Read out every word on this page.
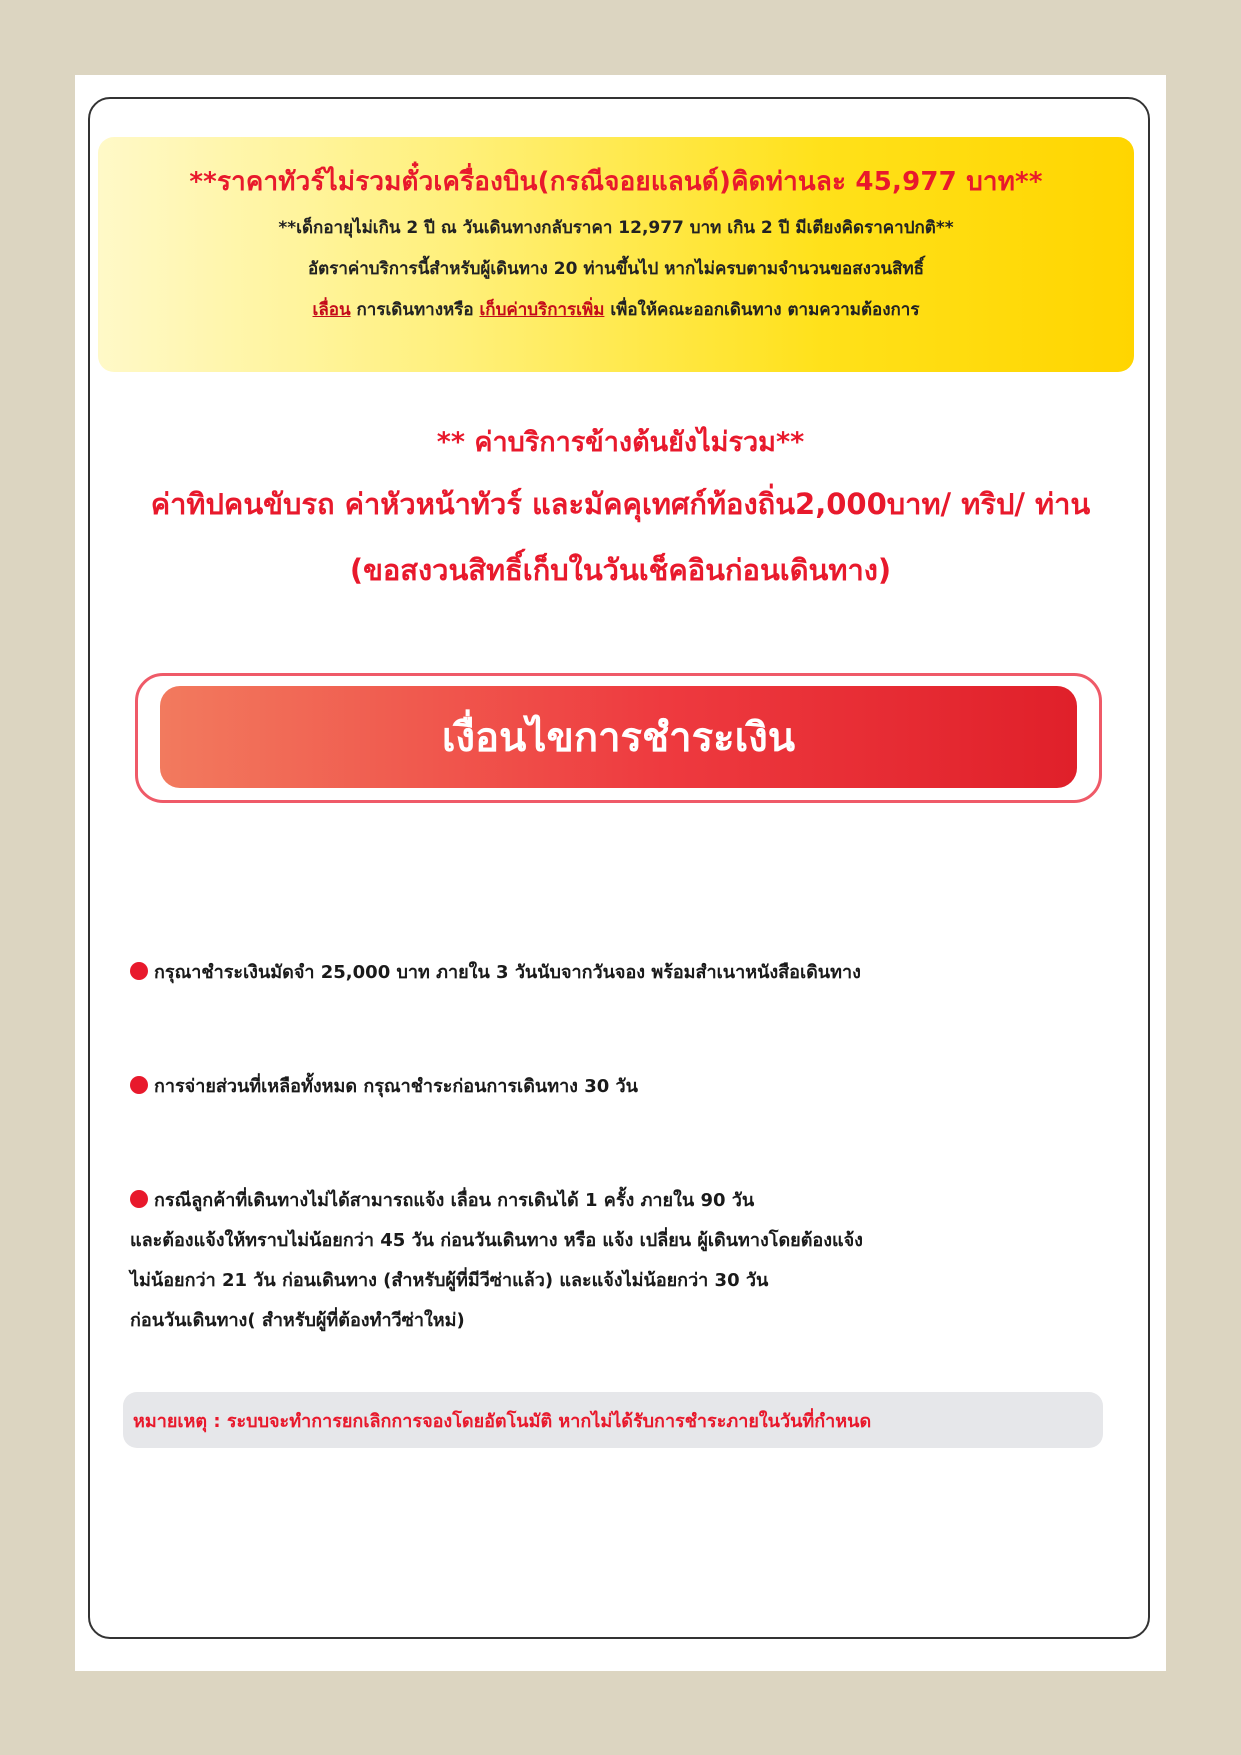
**ราคาทัวร์ไม่รวมตั๋วเครื่องบิน(กรณีจอยแลนด์)คิดท่านละ 45,977 บาท**

**เด็กอายุไม่เกิน 2 ปี ณ วันเดินทางกลับราคา 12,977 บาท เกิน 2 ปี มีเตียงคิดราคาปกติ**

อัตราค่าบริการนี้สำหรับผู้เดินทาง 20 ท่านขึ้นไป หากไม่ครบตามจำนวนขอสงวนสิทธิ์

เลื่อน การเดินทางหรือ เก็บค่าบริการเพิ่ม เพื่อให้คณะออกเดินทาง ตามความต้องการ

** ค่าบริการข้างต้นยังไม่รวม**
ค่าทิปคนขับรถ ค่าหัวหน้าทัวร์ และมัคคุเทศก์ท้องถิ่น2,000บาท/ ทริป/ ท่าน
(ขอสงวนสิทธิ์เก็บในวันเช็คอินก่อนเดินทาง)
เงื่อนไขการชำระเงิน
กรุณาชำระเงินมัดจำ 25,000 บาท ภายใน 3 วันนับจากวันจอง พร้อมสำเนาหนังสือเดินทาง
การจ่ายส่วนที่เหลือทั้งหมด กรุณาชำระก่อนการเดินทาง 30 วัน
กรณีลูกค้าที่เดินทางไม่ได้สามารถแจ้ง เลื่อน การเดินได้ 1 ครั้ง ภายใน 90 วัน
และต้องแจ้งให้ทราบไม่น้อยกว่า 45 วัน ก่อนวันเดินทาง หรือ แจ้ง เปลี่ยน ผู้เดินทางโดยต้องแจ้ง
ไม่น้อยกว่า 21 วัน ก่อนเดินทาง (สำหรับผู้ที่มีวีซ่าแล้ว) และแจ้งไม่น้อยกว่า 30 วัน
ก่อนวันเดินทาง( สำหรับผู้ที่ต้องทำวีซ่าใหม่)
หมายเหตุ : ระบบจะทำการยกเลิกการจองโดยอัตโนมัติ หากไม่ได้รับการชำระภายในวันที่กำหนด
